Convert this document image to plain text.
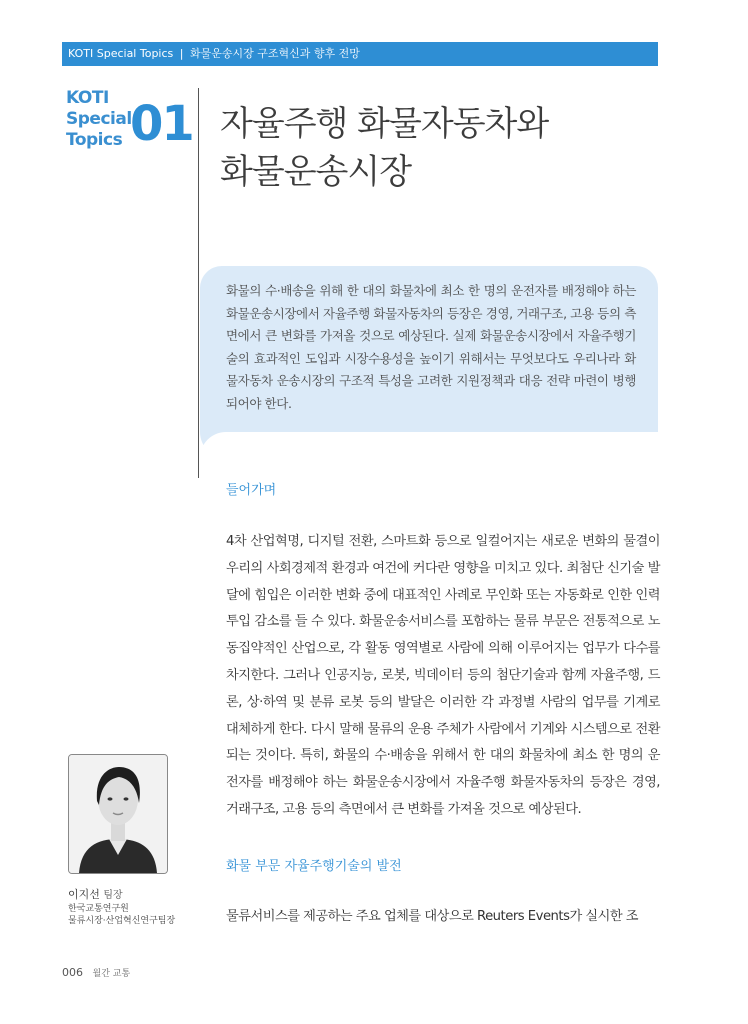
KOTI Special Topics | 화물운송시장 구조혁신과 향후 전망
KOTI
Special
Topics 01 자율주행 화물자동차와
화물운송시장

화물의 수·배송을 위해 한 대의 화물차에 최소 한 명의 운전자를 배정해야 하는 화물운송시장에서 자율주행 화물자동차의 등장은 경영, 거래구조, 고용 등의 측면에서 큰 변화를 가져올 것으로 예상된다. 실제 화물운송시장에서 자율주행기술의 효과적인 도입과 시장수용성을 높이기 위해서는 무엇보다도 우리나라 화물자동차 운송시장의 구조적 특성을 고려한 지원정책과 대응 전략 마련이 병행되어야 한다.

들어가며

4차 산업혁명, 디지털 전환, 스마트화 등으로 일컬어지는 새로운 변화의 물결이 우리의 사회경제적 환경과 여건에 커다란 영향을 미치고 있다. 최첨단 신기술 발달에 힘입은 이러한 변화 중에 대표적인 사례로 무인화 또는 자동화로 인한 인력투입 감소를 들 수 있다. 화물운송서비스를 포함하는 물류 부문은 전통적으로 노동집약적인 산업으로, 각 활동 영역별로 사람에 의해 이루어지는 업무가 다수를 차지한다. 그러나 인공지능, 로봇, 빅데이터 등의 첨단기술과 함께 자율주행, 드론, 상·하역 및 분류 로봇 등의 발달은 이러한 각 과정별 사람의 업무를 기계로 대체하게 한다. 다시 말해 물류의 운용 주체가 사람에서 기계와 시스템으로 전환되는 것이다. 특히, 화물의 수·배송을 위해서 한 대의 화물차에 최소 한 명의 운전자를 배정해야 하는 화물운송시장에서 자율주행 화물자동차의 등장은 경영, 거래구조, 고용 등의 측면에서 큰 변화를 가져올 것으로 예상된다.

화물 부문 자율주행기술의 발전

물류서비스를 제공하는 주요 업체를 대상으로 Reuters Events가 실시한 조

이지선 팀장
한국교통연구원
물류시장·산업혁신연구팀장
006 월간 교통
